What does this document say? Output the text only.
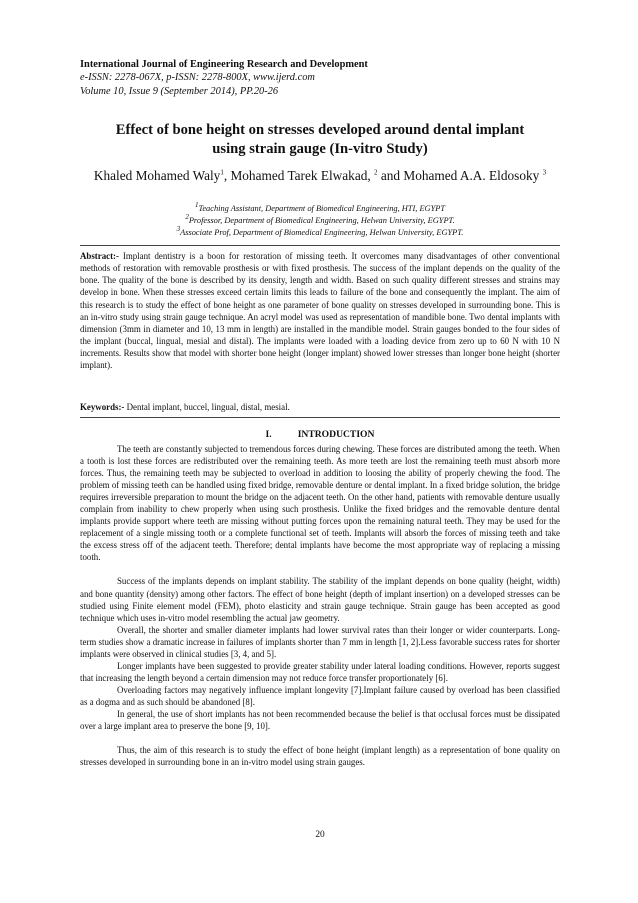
International Journal of Engineering Research and Development
e-ISSN: 2278-067X, p-ISSN: 2278-800X, www.ijerd.com
Volume 10, Issue 9 (September 2014), PP.20-26
Effect of bone height on stresses developed around dental implant
using strain gauge (In-vitro Study)
Khaled Mohamed Waly$^1$, Mohamed Tarek Elwakad, $^2$ and Mohamed A.A. Eldosoky $^3$
$^1$Teaching Assistant, Department of Biomedical Engineering, HTI, EGYPT
$^2$Professor, Department of Biomedical Engineering, Helwan University, EGYPT.
$^3$Associate Prof, Department of Biomedical Engineering, Helwan University, EGYPT.
Abstract:- Implant dentistry is a boon for restoration of missing teeth. It overcomes many disadvantages of other conventional methods of restoration with removable prosthesis or with fixed prosthesis. The success of the implant depends on the quality of the bone. The quality of the bone is described by its density, length and width. Based on such quality different stresses and strains may develop in bone. When these stresses exceed certain limits this leads to failure of the bone and consequently the implant. The aim of this research is to study the effect of bone height as one parameter of bone quality on stresses developed in surrounding bone. This is an in-vitro study using strain gauge technique. An acryl model was used as representation of mandible bone. Two dental implants with dimension (3mm in diameter and 10, 13 mm in length) are installed in the mandible model. Strain gauges bonded to the four sides of the implant (buccal, lingual, mesial and distal). The implants were loaded with a loading device from zero up to 60 N with 10 N increments. Results show that model with shorter bone height (longer implant) showed lower stresses than longer bone height (shorter implant).
Keywords:- Dental implant, buccel, lingual, distal, mesial.
I.	INTRODUCTION

The teeth are constantly subjected to tremendous forces during chewing. These forces are distributed among the teeth. When a tooth is lost these forces are redistributed over the remaining teeth. As more teeth are lost the remaining teeth must absorb more forces. Thus, the remaining teeth may be subjected to overload in addition to loosing the ability of properly chewing the food. The problem of missing teeth can be handled using fixed bridge, removable denture or dental implant. In a fixed bridge solution, the bridge requires irreversible preparation to mount the bridge on the adjacent teeth. On the other hand, patients with removable denture usually complain from inability to chew properly when using such prosthesis. Unlike the fixed bridges and the removable denture dental implants provide support where teeth are missing without putting forces upon the remaining natural teeth. They may be used for the replacement of a single missing tooth or a complete functional set of teeth. Implants will absorb the forces of missing teeth and take the excess stress off of the adjacent teeth. Therefore; dental implants have become the most appropriate way of replacing a missing tooth.

Success of the implants depends on implant stability. The stability of the implant depends on bone quality (height, width) and bone quantity (density) among other factors. The effect of bone height (depth of implant insertion) on a developed stresses can be studied using Finite element model (FEM), photo elasticity and strain gauge technique. Strain gauge has been accepted as good technique which uses in-vitro model resembling the actual jaw geometry.

Overall, the shorter and smaller diameter implants had lower survival rates than their longer or wider counterparts. Long-term studies show a dramatic increase in failures of implants shorter than 7 mm in length [1, 2].Less favorable success rates for shorter implants were observed in clinical studies [3, 4, and 5].

Longer implants have been suggested to provide greater stability under lateral loading conditions. However, reports suggest that increasing the length beyond a certain dimension may not reduce force transfer proportionately [6].

Overloading factors may negatively influence implant longevity [7].Implant failure caused by overload has been classified as a dogma and as such should be abandoned [8].

In general, the use of short implants has not been recommended because the belief is that occlusal forces must be dissipated over a large implant area to preserve the bone [9, 10].

Thus, the aim of this research is to study the effect of bone height (implant length) as a representation of bone quality on stresses developed in surrounding bone in an in-vitro model using strain gauges.

20
